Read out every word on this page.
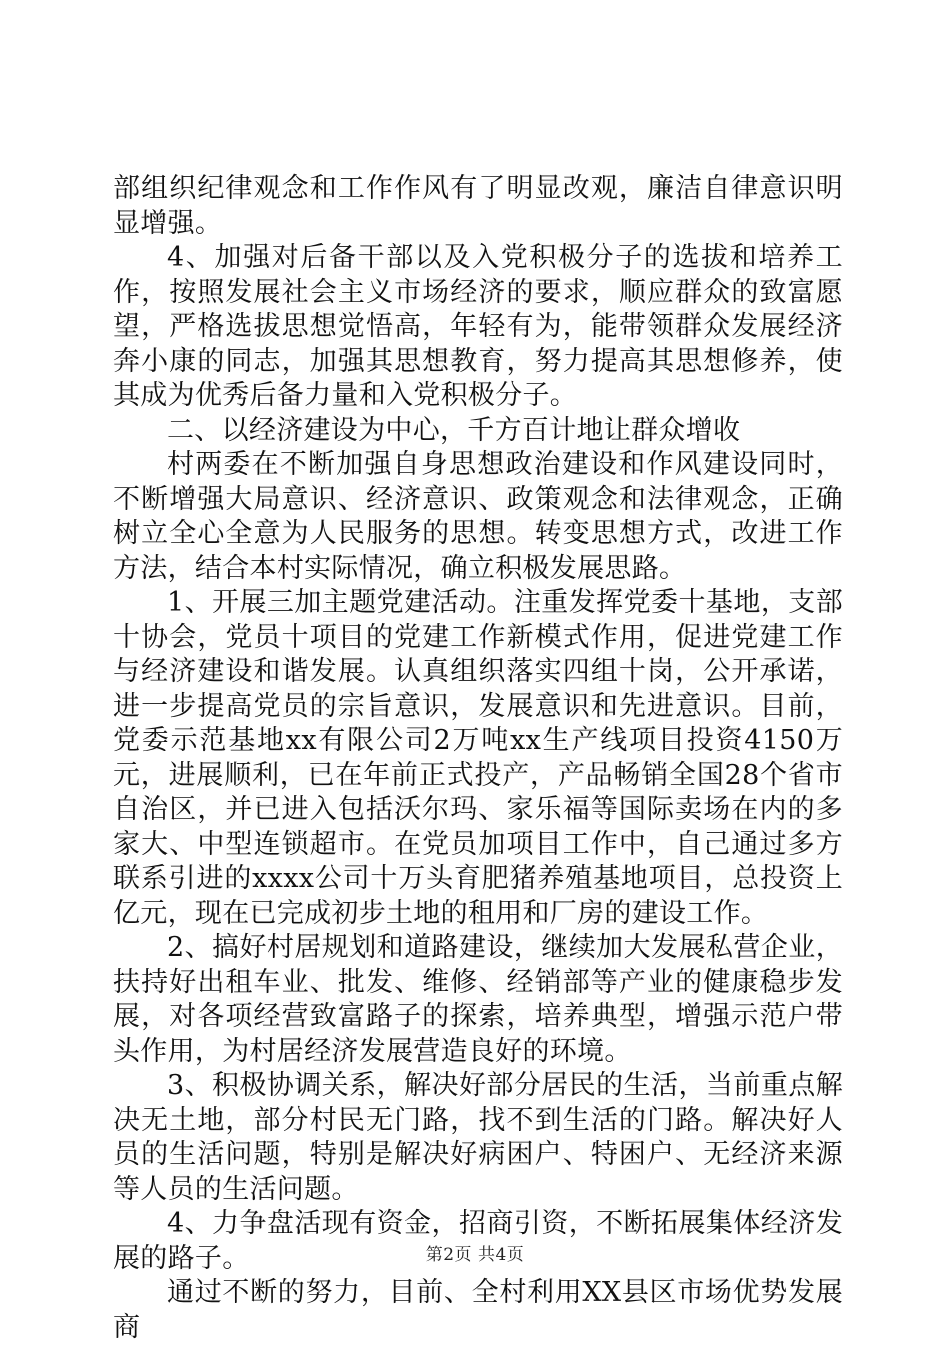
部组织纪律观念和工作作风有了明显改观，廉洁自律意识明显增强。

4、加强对后备干部以及入党积极分子的选拔和培养工作，按照发展社会主义市场经济的要求，顺应群众的致富愿望，严格选拔思想觉悟高，年轻有为，能带领群众发展经济奔小康的同志，加强其思想教育，努力提高其思想修养，使其成为优秀后备力量和入党积极分子。

二、以经济建设为中心，千方百计地让群众增收

村两委在不断加强自身思想政治建设和作风建设同时，不断增强大局意识、经济意识、政策观念和法律观念，正确树立全心全意为人民服务的思想。转变思想方式，改进工作方法，结合本村实际情况，确立积极发展思路。

1、开展三加主题党建活动。注重发挥党委十基地，支部十协会，党员十项目的党建工作新模式作用，促进党建工作与经济建设和谐发展。认真组织落实四组十岗，公开承诺，进一步提高党员的宗旨意识，发展意识和先进意识。目前，党委示范基地xx有限公司2万吨xx生产线项目投资4150万元，进展顺利，已在年前正式投产，产品畅销全国28个省市自治区，并已进入包括沃尔玛、家乐福等国际卖场在内的多家大、中型连锁超市。在党员加项目工作中，自己通过多方联系引进的xxxx公司十万头育肥猪养殖基地项目，总投资上亿元，现在已完成初步土地的租用和厂房的建设工作。

2、搞好村居规划和道路建设，继续加大发展私营企业，扶持好出租车业、批发、维修、经销部等产业的健康稳步发展，对各项经营致富路子的探索，培养典型，增强示范户带头作用，为村居经济发展营造良好的环境。

3、积极协调关系，解决好部分居民的生活，当前重点解决无土地，部分村民无门路，找不到生活的门路。解决好人员的生活问题，特别是解决好病困户、特困户、无经济来源等人员的生活问题。

4、力争盘活现有资金，招商引资，不断拓展集体经济发展的路子。

通过不断的努力，目前、全村利用XX县区市场优势发展商

第2页 共4页
